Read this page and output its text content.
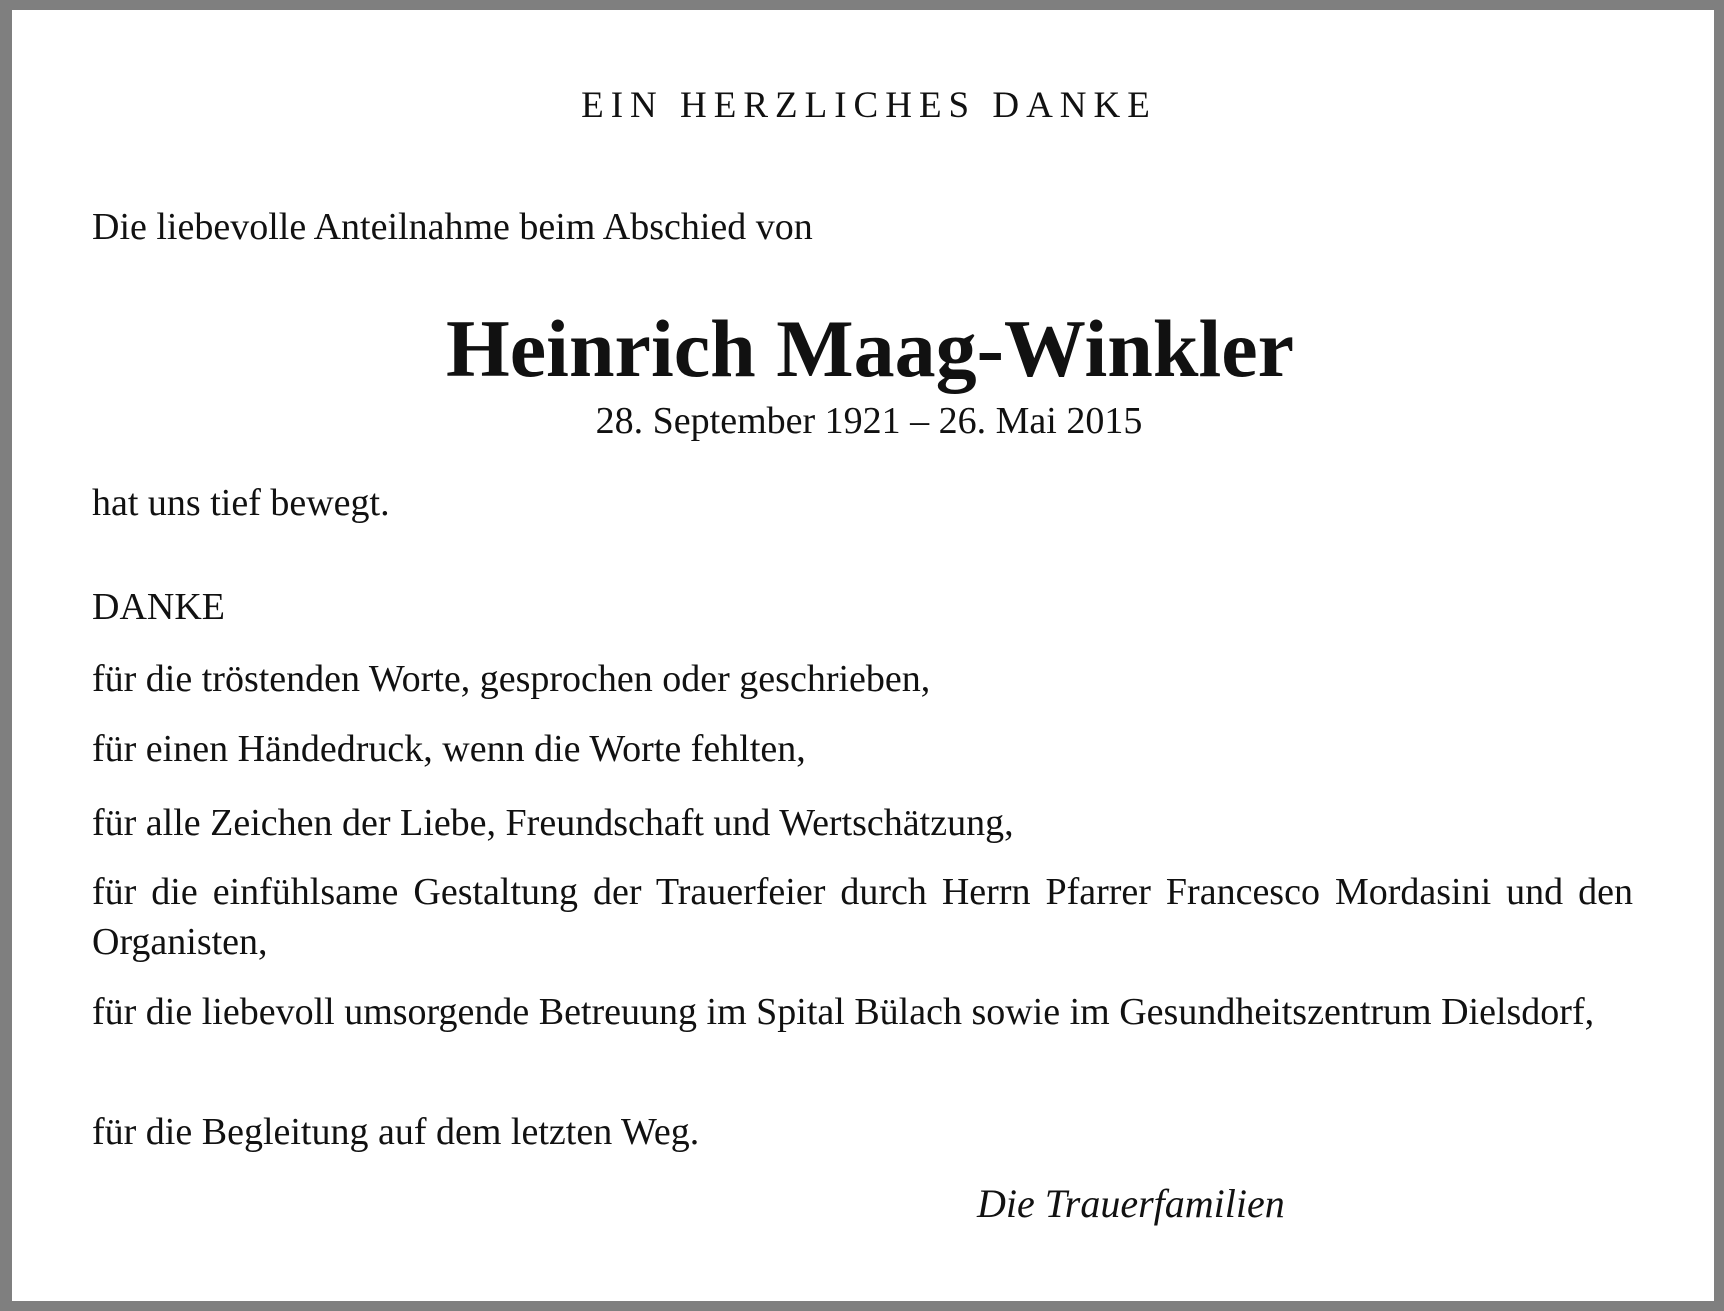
EIN HERZLICHES DANKE
Die liebevolle Anteilnahme beim Abschied von
Heinrich Maag-Winkler
28. September 1921 – 26. Mai 2015
hat uns tief bewegt.
DANKE
für die tröstenden Worte, gesprochen oder geschrieben,
für einen Händedruck, wenn die Worte fehlten,
für alle Zeichen der Liebe, Freundschaft und Wertschätzung,
für die einfühlsame Gestaltung der Trauerfeier durch Herrn Pfarrer Francesco Mordasini und den Organisten,
für die liebevoll umsorgende Betreuung im Spital Bülach sowie im Gesundheitszentrum Dielsdorf,
für die Begleitung auf dem letzten Weg.
Die Trauerfamilien
